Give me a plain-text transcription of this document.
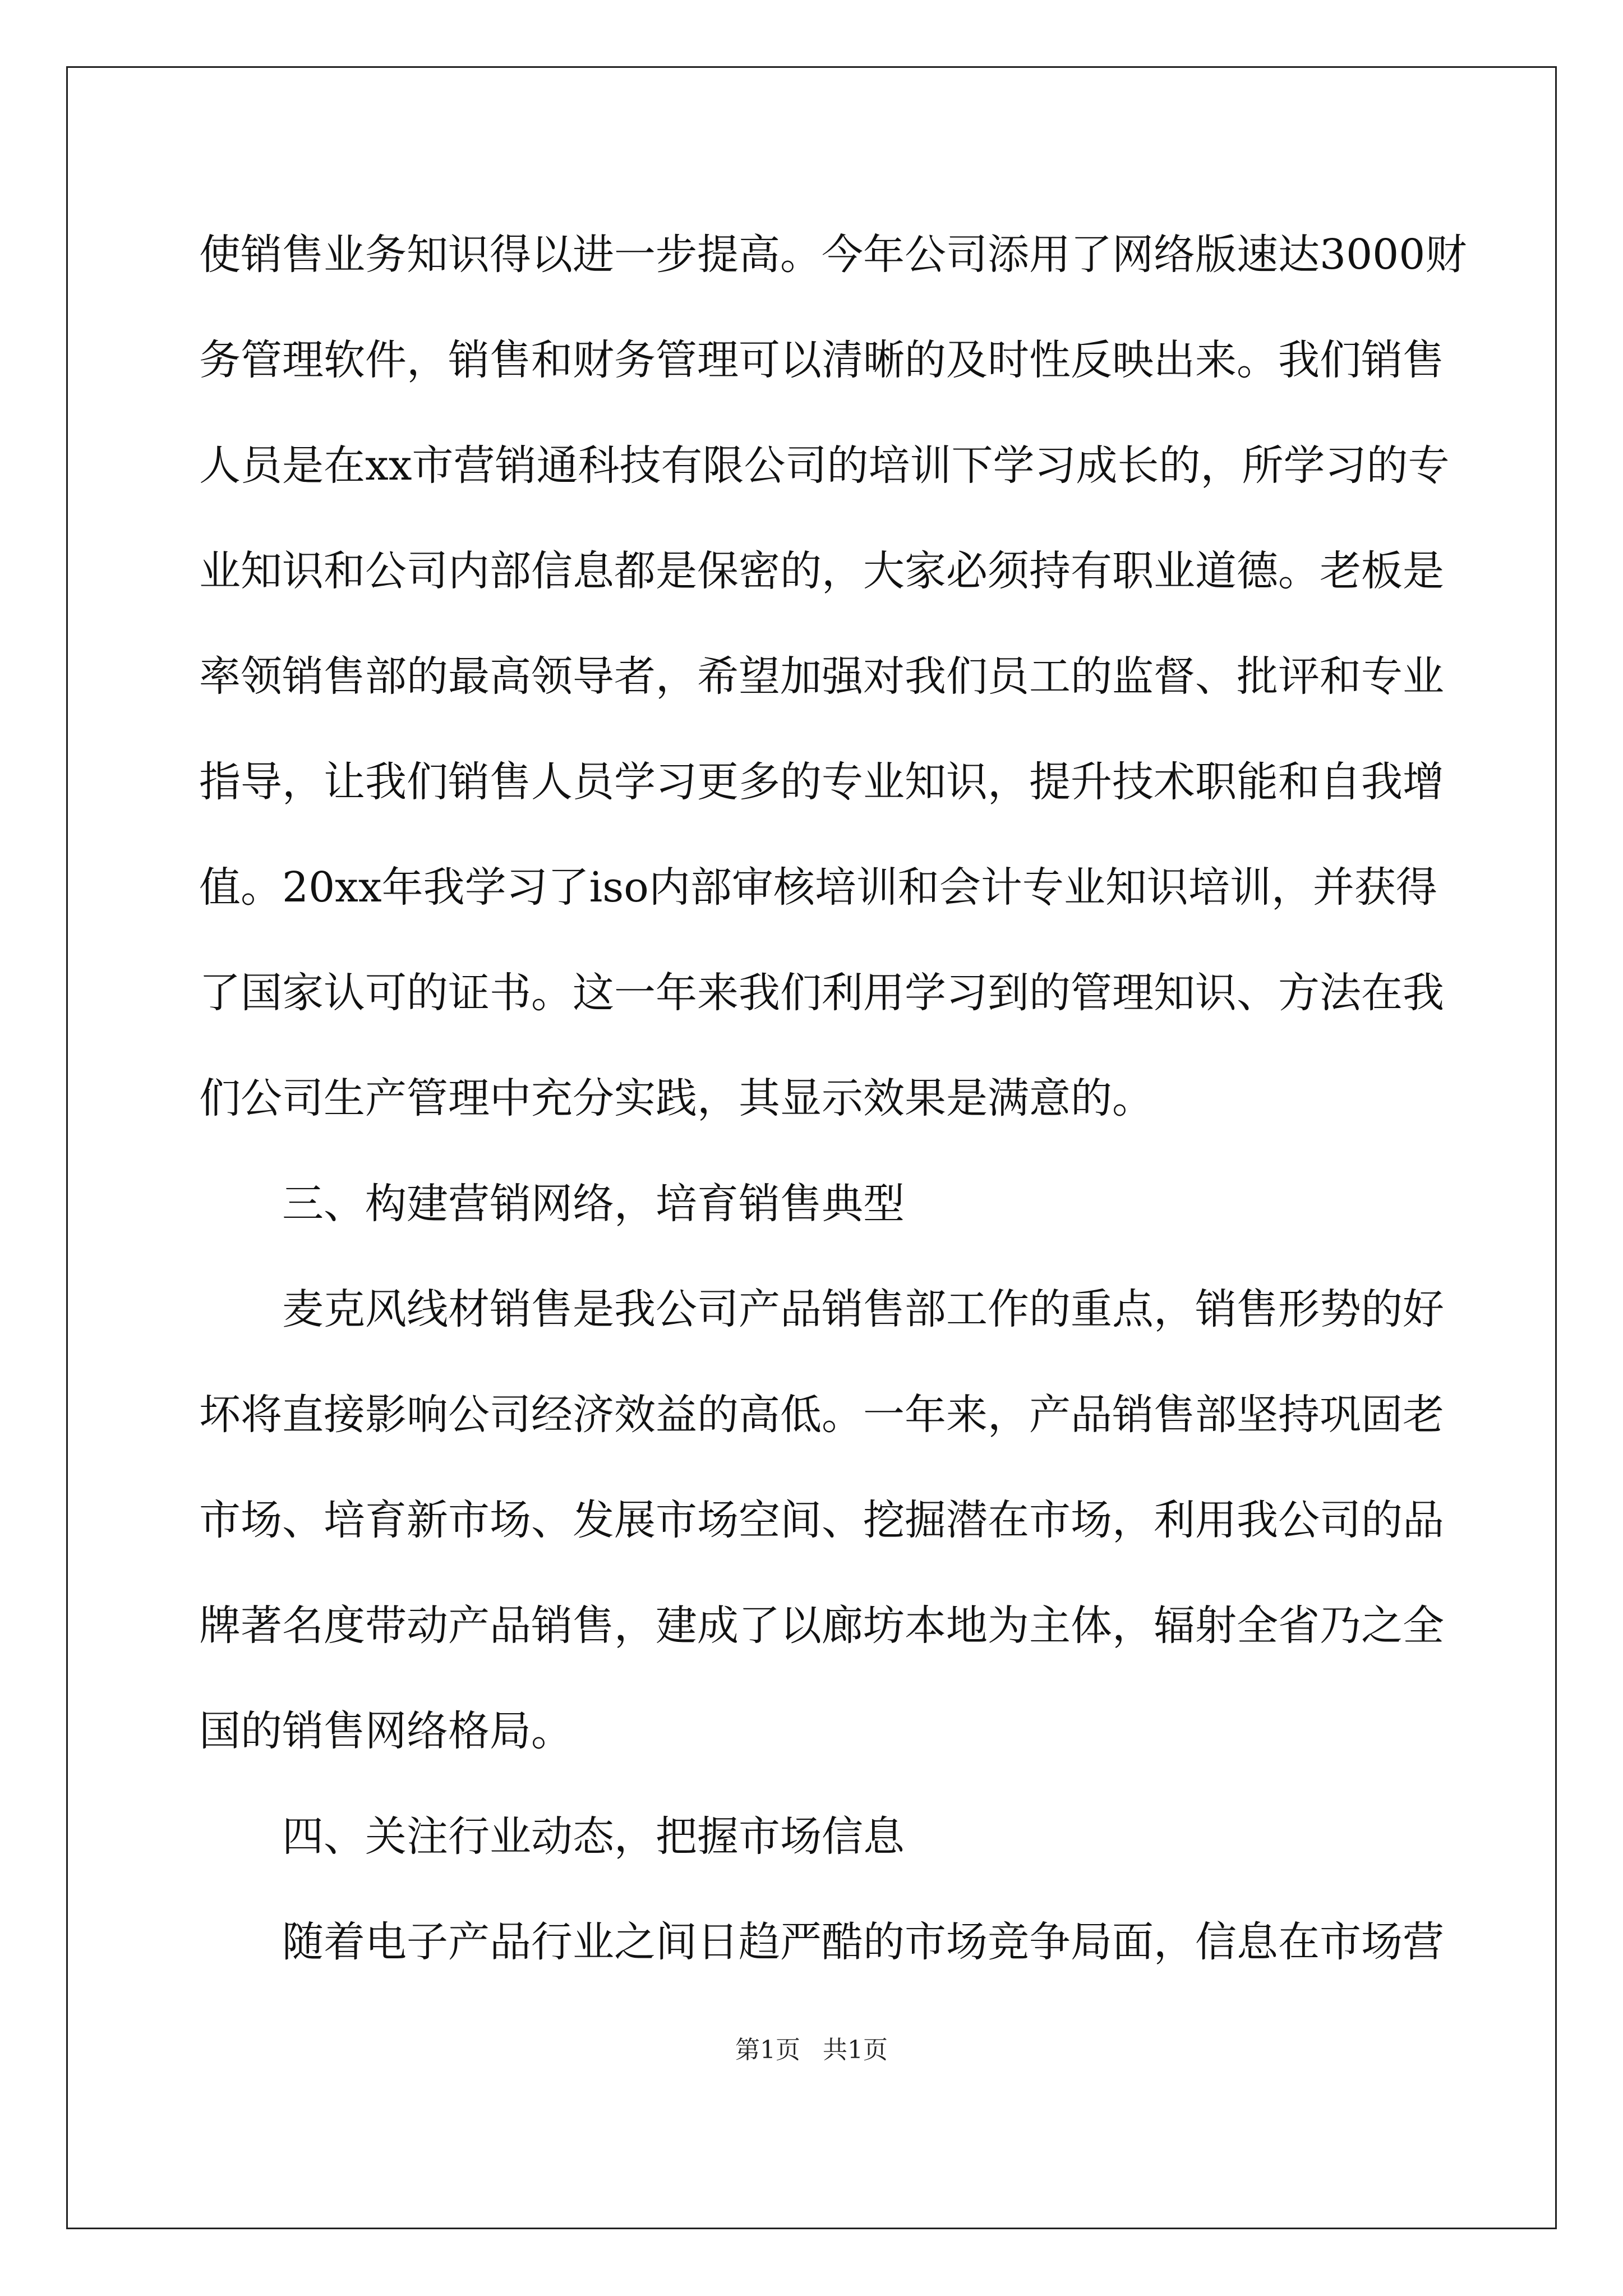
使销售业务知识得以进一步提高。今年公司添用了网络版速达3000财
务管理软件，销售和财务管理可以清晰的及时性反映出来。我们销售
人员是在xx市营销通科技有限公司的培训下学习成长的，所学习的专
业知识和公司内部信息都是保密的，大家必须持有职业道德。老板是
率领销售部的最高领导者，希望加强对我们员工的监督、批评和专业
指导，让我们销售人员学习更多的专业知识，提升技术职能和自我增
值。20xx年我学习了iso内部审核培训和会计专业知识培训，并获得
了国家认可的证书。这一年来我们利用学习到的管理知识、方法在我
们公司生产管理中充分实践，其显示效果是满意的。
三、构建营销网络，培育销售典型
麦克风线材销售是我公司产品销售部工作的重点，销售形势的好
坏将直接影响公司经济效益的高低。一年来，产品销售部坚持巩固老
市场、培育新市场、发展市场空间、挖掘潜在市场，利用我公司的品
牌著名度带动产品销售，建成了以廊坊本地为主体，辐射全省乃之全
国的销售网络格局。
四、关注行业动态，把握市场信息
随着电子产品行业之间日趋严酷的市场竞争局面，信息在市场营
第1页 共1页
